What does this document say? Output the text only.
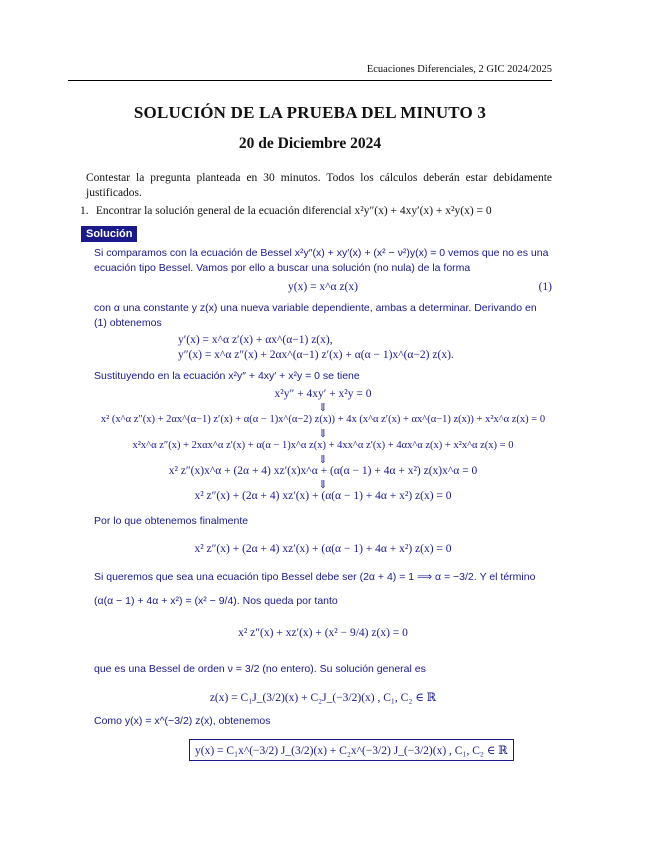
Ecuaciones Diferenciales, 2 GIC 2024/2025
SOLUCIÓN DE LA PRUEBA DEL MINUTO 3
20 de Diciembre 2024
Contestar la pregunta planteada en 30 minutos. Todos los cálculos deberán estar debidamente justificados.
1. Encontrar la solución general de la ecuación diferencial x²y″(x) + 4xy′(x) + x²y(x) = 0
Solución
Si comparamos con la ecuación de Bessel x²y″(x) + xy′(x) + (x² − ν²)y(x) = 0 vemos que no es una ecuación tipo Bessel. Vamos por ello a buscar una solución (no nula) de la forma
y(x) = x^α z(x)	(1)
con α una constante y z(x) una nueva variable dependiente, ambas a determinar. Derivando en (1) obtenemos
y′(x) = x^α z′(x) + αx^(α−1) z(x),
y″(x) = x^α z″(x) + 2αx^(α−1) z′(x) + α(α − 1)x^(α−2) z(x).
Sustituyendo en la ecuación x²y″ + 4xy′ + x²y = 0 se tiene
x²y″ + 4xy′ + x²y = 0
⇓
x² (x^α z″(x) + 2αx^(α−1) z′(x) + α(α − 1)x^(α−2) z(x)) + 4x (x^α z′(x) + αx^(α−1) z(x)) + x²x^α z(x) = 0
⇓
x²x^α z″(x) + 2xαx^α z′(x) + α(α − 1)x^α z(x) + 4xx^α z′(x) + 4αx^α z(x) + x²x^α z(x) = 0
⇓
x² z″(x)x^α + (2α + 4) xz′(x)x^α + (α(α − 1) + 4α + x²) z(x)x^α = 0
⇓
x² z″(x) + (2α + 4) xz′(x) + (α(α − 1) + 4α + x²) z(x) = 0
Por lo que obtenemos finalmente
x² z″(x) + (2α + 4) xz′(x) + (α(α − 1) + 4α + x²) z(x) = 0
Si queremos que sea una ecuación tipo Bessel debe ser (2α + 4) = 1 ⟹ α = −3/2. Y el término
(α(α − 1) + 4α + x²) = (x² − 9/4). Nos queda por tanto
x² z″(x) + xz′(x) + (x² − 9/4) z(x) = 0
que es una Bessel de orden ν = 3/2 (no entero). Su solución general es
z(x) = C₁J_(3/2)(x) + C₂J_(−3/2)(x) , C₁, C₂ ∈ ℝ
Como y(x) = x^(−3/2) z(x), obtenemos
y(x) = C₁x^(−3/2) J_(3/2)(x) + C₂x^(−3/2) J_(−3/2)(x) , C₁, C₂ ∈ ℝ
